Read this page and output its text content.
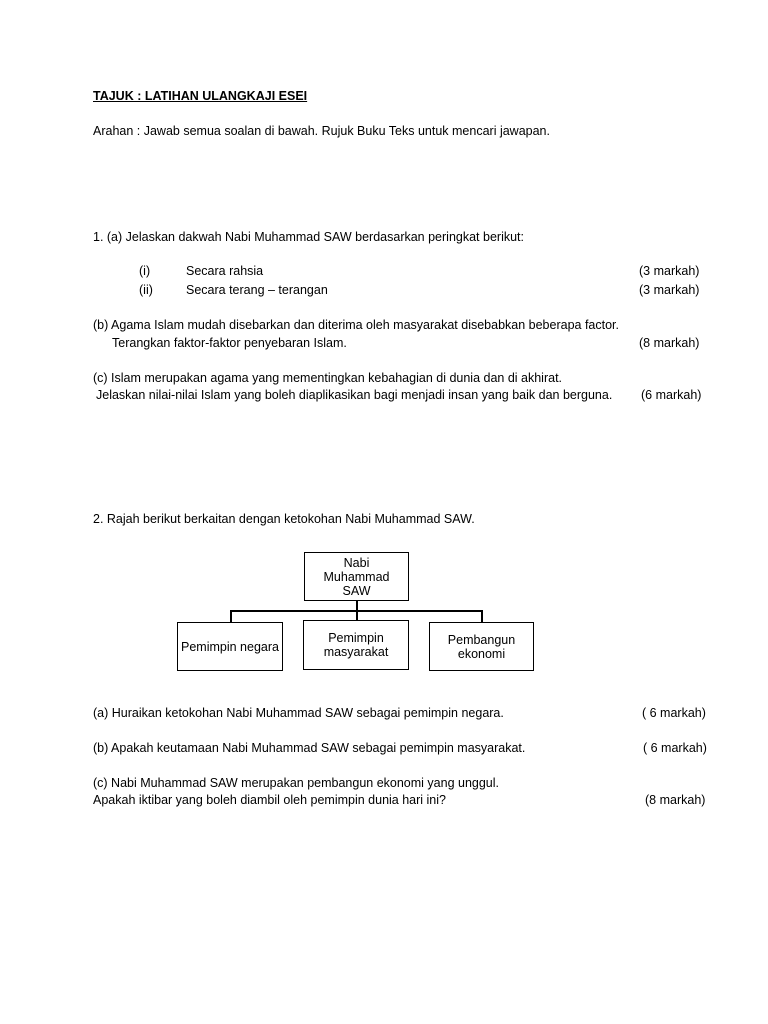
TAJUK : LATIHAN ULANGKAJI ESEI
Arahan : Jawab semua soalan di bawah. Rujuk Buku Teks untuk mencari jawapan.
1. (a) Jelaskan dakwah Nabi Muhammad SAW berdasarkan peringkat berikut:
(i)	Secara rahsia	(3 markah)
(ii)	Secara terang – terangan	(3 markah)
(b) Agama Islam mudah disebarkan dan diterima oleh masyarakat disebabkan beberapa factor.
Terangkan faktor-faktor penyebaran Islam.	(8 markah)
(c) Islam merupakan agama yang mementingkan kebahagian di dunia dan di akhirat.
Jelaskan nilai-nilai Islam yang boleh diaplikasikan bagi menjadi insan yang baik dan berguna. (6 markah)
2. Rajah berikut berkaitan dengan ketokohan Nabi Muhammad SAW.
Nabi Muhammad SAW
Pemimpin negara
Pemimpin masyarakat
Pembangun ekonomi
(a) Huraikan ketokohan Nabi Muhammad SAW sebagai pemimpin negara.	( 6 markah)
(b) Apakah keutamaan Nabi Muhammad SAW sebagai pemimpin masyarakat.	( 6 markah)
(c) Nabi Muhammad SAW merupakan pembangun ekonomi yang unggul.
Apakah iktibar yang boleh diambil oleh pemimpin dunia hari ini?	(8 markah)
